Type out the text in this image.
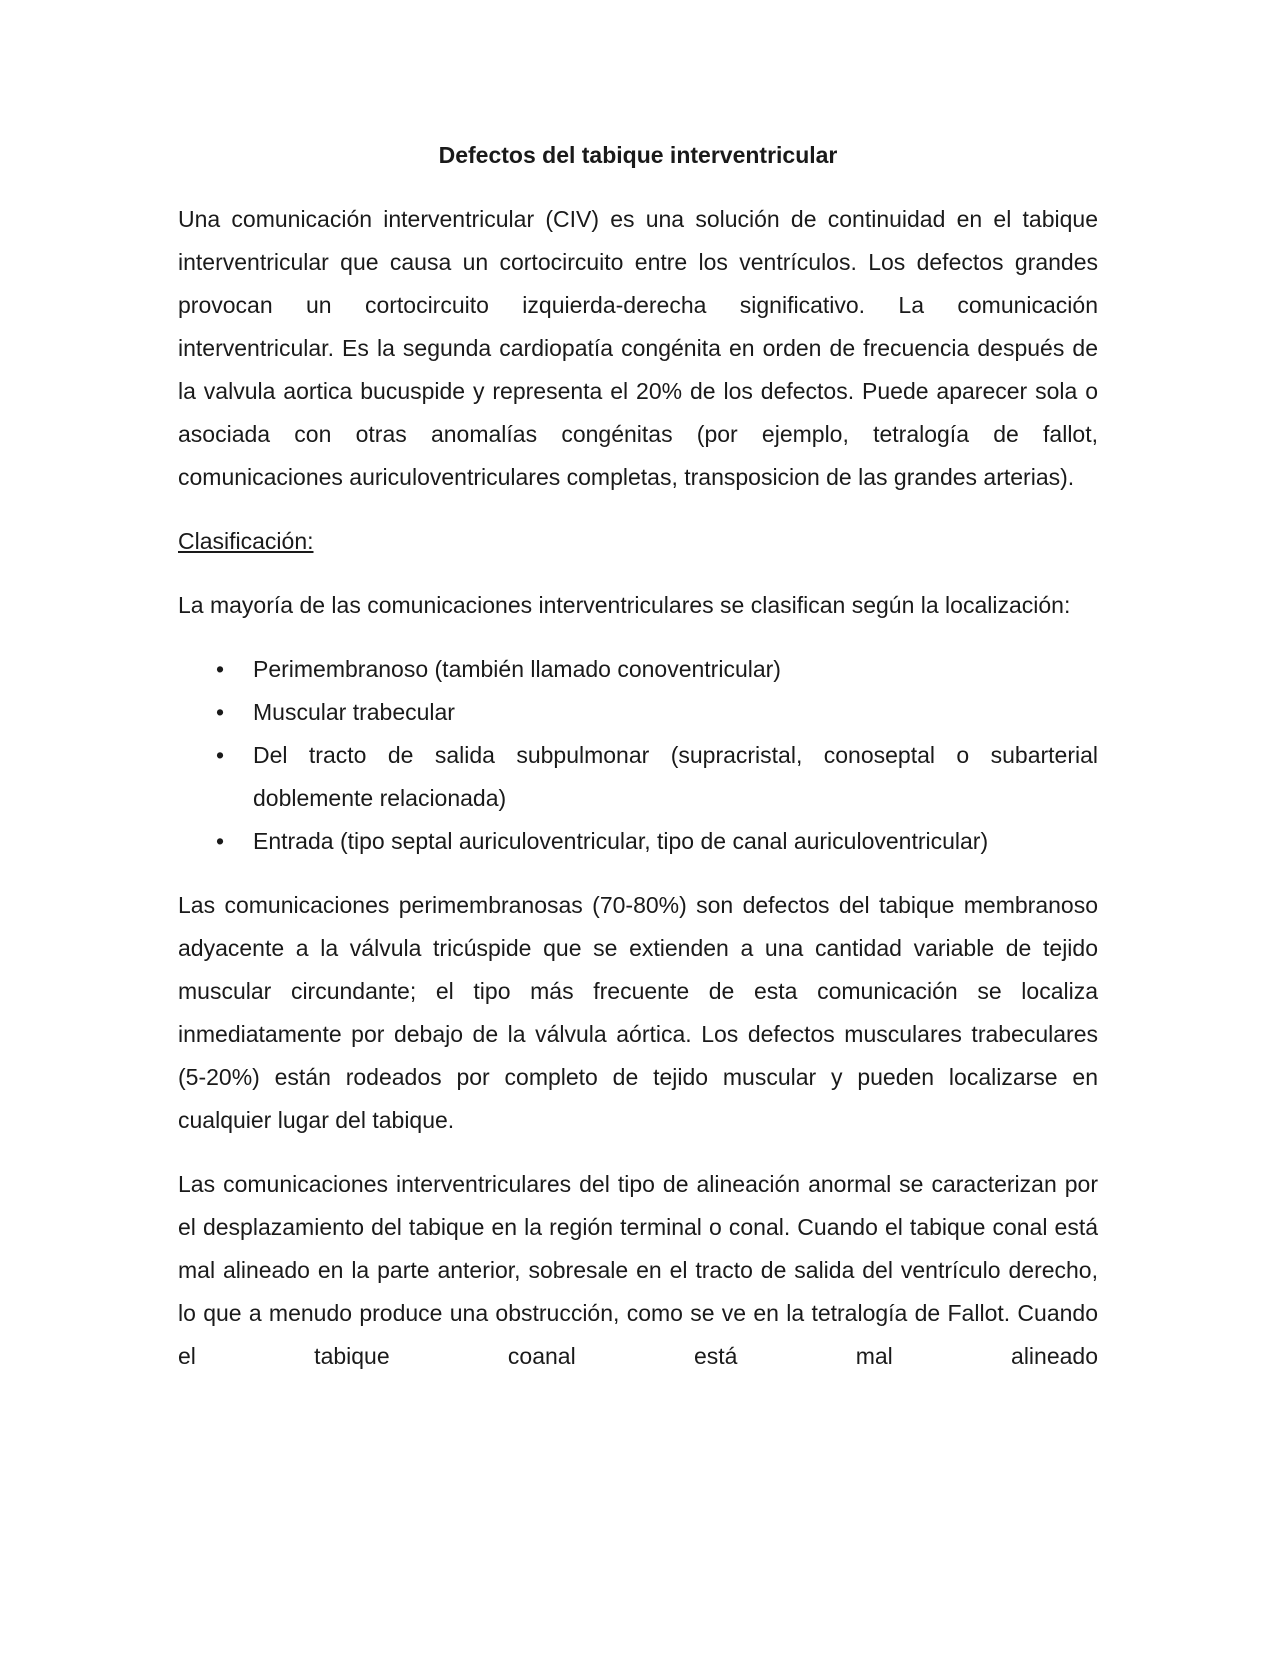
Defectos del tabique interventricular

Una comunicación interventricular (CIV) es una solución de continuidad en el tabique interventricular que causa un cortocircuito entre los ventrículos. Los defectos grandes provocan un cortocircuito izquierda-derecha significativo. La comunicación interventricular. Es la segunda cardiopatía congénita en orden de frecuencia después de la valvula aortica bucuspide y representa el 20% de los defectos. Puede aparecer sola o asociada con otras anomalías congénitas (por ejemplo, tetralogía de fallot, comunicaciones auriculoventriculares completas, transposicion de las grandes arterias).

Clasificación:

La mayoría de las comunicaciones interventriculares se clasifican según la localización:

• Perimembranoso (también llamado conoventricular)
• Muscular trabecular
• Del tracto de salida subpulmonar (supracristal, conoseptal o subarterial doblemente relacionada)
• Entrada (tipo septal auriculoventricular, tipo de canal auriculoventricular)

Las comunicaciones perimembranosas (70-80%) son defectos del tabique membranoso adyacente a la válvula tricúspide que se extienden a una cantidad variable de tejido muscular circundante; el tipo más frecuente de esta comunicación se localiza inmediatamente por debajo de la válvula aórtica. Los defectos musculares trabeculares (5-20%) están rodeados por completo de tejido muscular y pueden localizarse en cualquier lugar del tabique.

Las comunicaciones interventriculares del tipo de alineación anormal se caracterizan por el desplazamiento del tabique en la región terminal o conal. Cuando el tabique conal está mal alineado en la parte anterior, sobresale en el tracto de salida del ventrículo derecho, lo que a menudo produce una obstrucción, como se ve en la tetralogía de Fallot. Cuando el tabique coanal está mal alineado
